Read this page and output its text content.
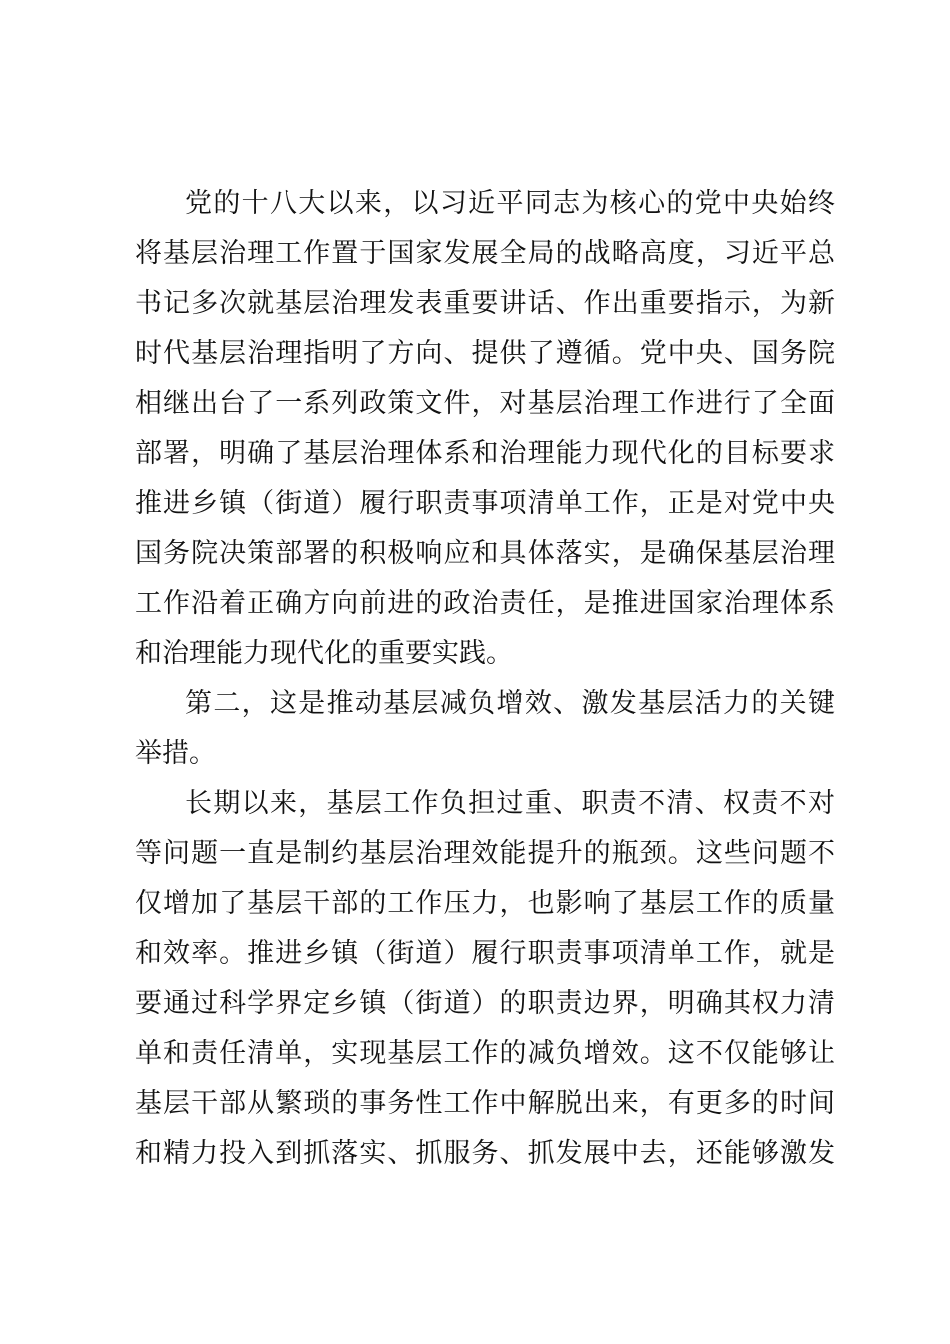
党的十八大以来，以习近平同志为核心的党中央始终
将基层治理工作置于国家发展全局的战略高度，习近平总
书记多次就基层治理发表重要讲话、作出重要指示，为新
时代基层治理指明了方向、提供了遵循。党中央、国务院
相继出台了一系列政策文件，对基层治理工作进行了全面
部署，明确了基层治理体系和治理能力现代化的目标要求
推进乡镇（街道）履行职责事项清单工作，正是对党中央
国务院决策部署的积极响应和具体落实，是确保基层治理
工作沿着正确方向前进的政治责任，是推进国家治理体系
和治理能力现代化的重要实践。
第二，这是推动基层减负增效、激发基层活力的关键
举措。
长期以来，基层工作负担过重、职责不清、权责不对
等问题一直是制约基层治理效能提升的瓶颈。这些问题不
仅增加了基层干部的工作压力，也影响了基层工作的质量
和效率。推进乡镇（街道）履行职责事项清单工作，就是
要通过科学界定乡镇（街道）的职责边界，明确其权力清
单和责任清单，实现基层工作的减负增效。这不仅能够让
基层干部从繁琐的事务性工作中解脱出来，有更多的时间
和精力投入到抓落实、抓服务、抓发展中去，还能够激发
